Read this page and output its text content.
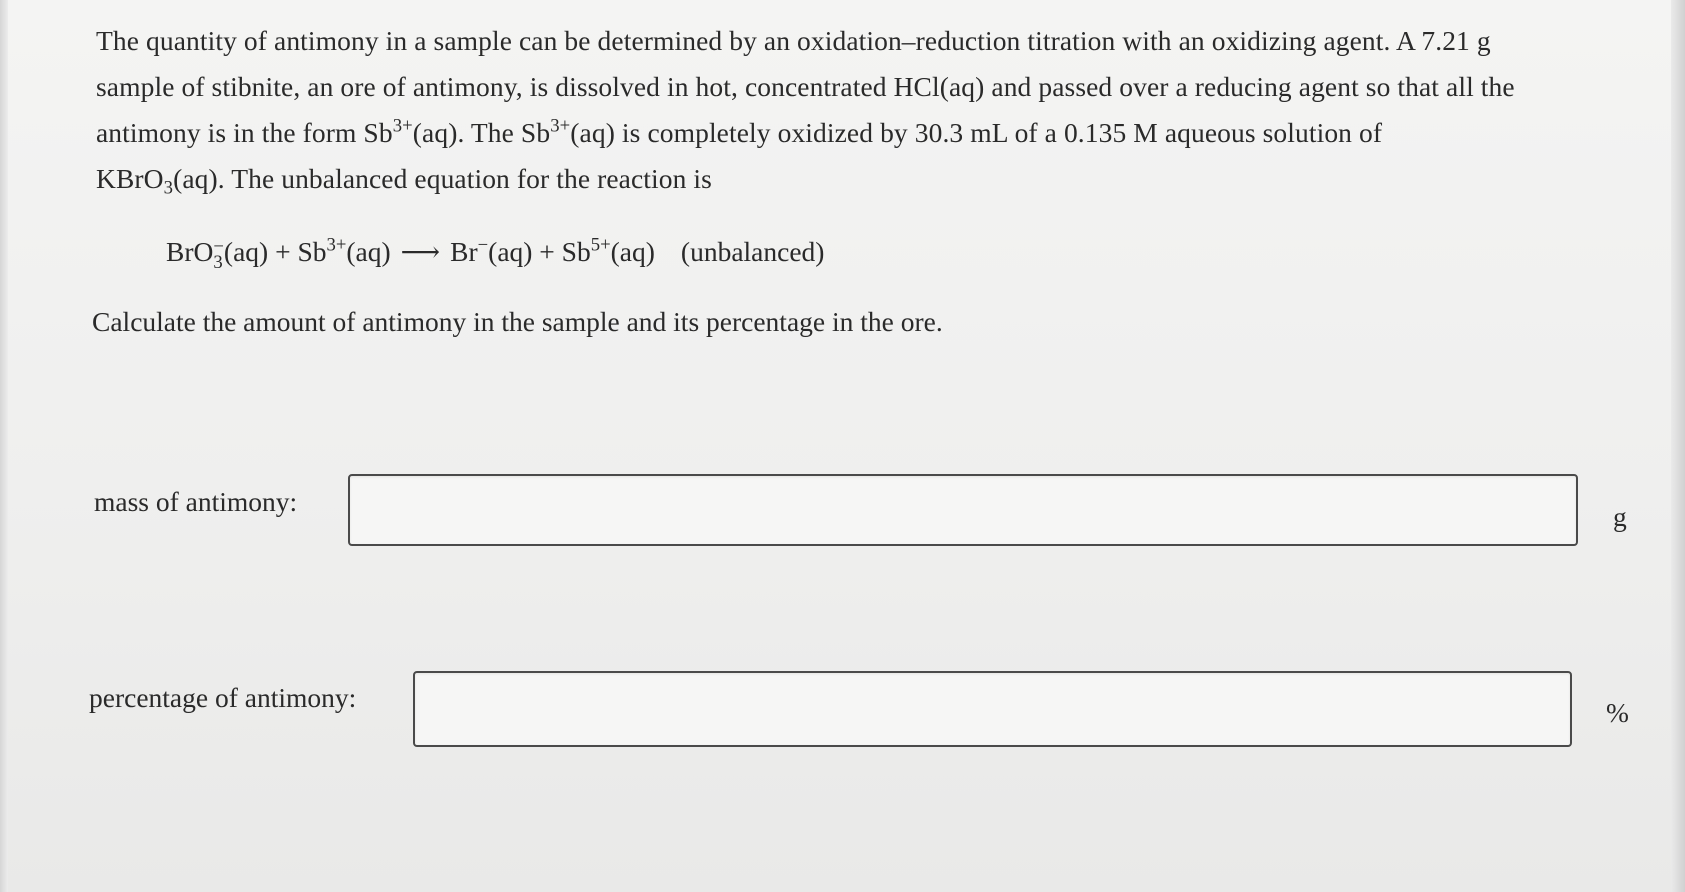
The quantity of antimony in a sample can be determined by an oxidation–reduction titration with an oxidizing agent. A 7.21 g

sample of stibnite, an ore of antimony, is dissolved in hot, concentrated HCl(aq) and passed over a reducing agent so that all the

antimony is in the form $Sb^{3+}(aq)$. The $Sb^{3+}(aq)$ is completely oxidized by 30.3 mL of a 0.135 M aqueous solution of

KBrO$_3$(aq). The unbalanced equation for the reaction is

BrO −
3 $(aq) + Sb^{3+}(aq)$ ⟶ $Br^-(aq) + Sb^{5+}(aq)$ (unbalanced)
Calculate the amount of antimony in the sample and its percentage in the ore.
mass of antimony:	g
percentage of antimony:	%
